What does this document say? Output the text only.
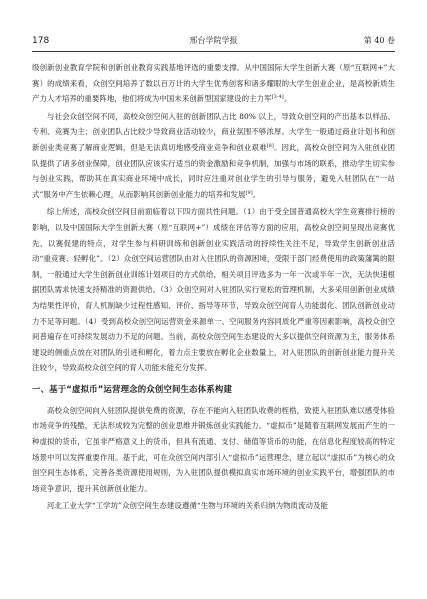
178	邢台学院学报	第 40 卷

级创新创业教育学院和创新创业教育实践基地评选的重要支撑。从中国国际大学生创新大赛（原“互联网+”大赛）的成绩来看，众创空间培养了数以百万计的大学生优秀创客和诸多耀眼的大学生创业企业，是高校新质生产力人才培养的重要阵地，他们将成为中国未来创新型国家建设的主力军[3-4]。

与社会众创空间不同，高校众创空间入驻的创新团队占比 80% 以上，导致众创空间的产出基本以样品、专利、竞赛为主；创业团队占比较少导致商业活动较少，商业氛围不够浓厚。大学生一般通过商业计划书和创新创业类竞赛了解商业逻辑，但是无法真切地感受商业竞争和创业艰难[8]。因此，高校众创空间为入驻创业团队提供了诸多创业保障，创业团队应该实行适当的资金激励和竞争机制，加强与市场的联系，推动学生切实参与创业实践，帮助其在真实商业环境中成长，同时应注重对创业学生的引导与服务，避免入驻团队在“一站式”服务中产生依赖心理，从而影响其创新创业能力的培养和发展[9]。

综上所述，高校众创空间目前面临着以下四方面共性问题。（1）由于受全国普通高校大学生竞赛排行榜的影响，以及中国国际大学生创新大赛（原“互联网+”）成绩在评估等方面的应用，高校众创空间呈现出竞赛优先、以赛促建的特点，对学生参与科研训练和创新创业实践活动的持续性关注不足，导致学生创新创业活动“重竞赛、轻孵化”。（2）众创空间运营团队由对入住团队的资源困境，受限于部门经费使用的政策藩篱的限制，一般通过大学生创新创业训练计划项目的方式供给，相关项目评选多为一年一次或半年一次，无法快速根据团队需求快速支持精准的资源供给。（3）众创空间对入驻团队实行宽松的管理机制，大多采用创新创业成绩为结果性评价，育人机制缺少过程性感知、评价、指导等环节，导致众创空间育人功能弱化、团队创新创业动力不足等问题。（4）受到高校众创空间运营资金来源单一、空间服务内容同质化严重等因素影响，高校众创空间普遍存在可持续发展动力不足的问题。当前，高校众创空间生态建设的大多以提供空间资源为主，服务体系建设的侧重点放在对团队的引进和孵化，着力点主要放在孵化企业数量上，对入驻团队的创新创业能力提升关注较少，导致高校众创空间的育人功能未能充分发挥。

一、基于“虚拟币”运营理念的众创空间生态体系构建

高校众创空间向入驻团队提供免费的资源，存在不能向入驻团队收费的桎梏，致使入驻团队难以感受体验市场竞争的残酷，无法形成较为完整的创业思维并锻炼创业实践能力。“虚拟币”是随着互联网发展而产生的一种虚拟的货币，它虽非严格意义上的货币，但具有流通、支付、储值等货币的功能，在信息化程度较高的特定场景中可以发挥重要作用。基于此，可在众创空间内部引入“虚拟币”运营理念，建立起以“虚拟币”为核心的众创空间生态体系，完善各类资源使用规则，为入驻团队提供模拟真实市场环境的创业实践平台，增强团队的市场竞争意识，提升其创新创业能力。

河北工业大学“工学坊”众创空间生态建设遵循“生物与环境的关系归纳为物质流动及能
